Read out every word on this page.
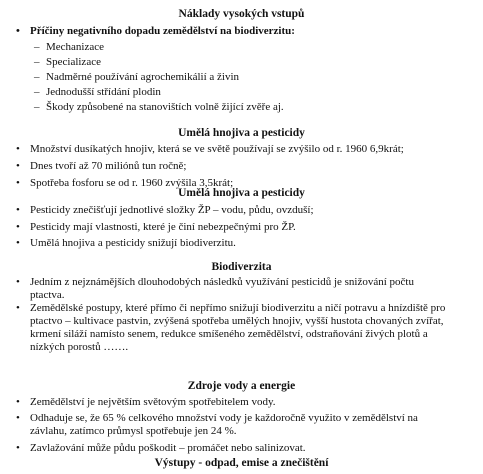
Náklady vysokých vstupů
• Příčiny negativního dopadu zemědělství na biodiverzitu:
– Mechanizace
– Specializace
– Nadměrné používání agrochemikálií a živin
– Jednodušší střídání plodin
– Škody způsobené na stanovištích volně žijící zvěře aj.
Umělá hnojiva a pesticidy
• Množství dusíkatých hnojiv, která se ve světě používají se zvýšilo od r. 1960 6,9krát;
• Dnes tvoří až 70 miliónů tun ročně;
• Spotřeba fosforu se od r. 1960 zvýšila 3,5krát;
Umělá hnojiva a pesticidy
• Pesticidy znečišťují jednotlivé složky ŽP – vodu, půdu, ovzduší;
• Pesticidy mají vlastnosti, které je činí nebezpečnými pro ŽP.
• Umělá hnojiva a pesticidy snižují biodiverzitu.
Biodiverzita
• Jedním z nejznámějších dlouhodobých následků využívání pesticidů je snižování počtu ptactva.
• Zemědělské postupy, které přímo či nepřímo snižují biodiverzitu a ničí potravu a hnízdiště pro ptactvo – kultivace pastvin, zvýšená spotřeba umělých hnojiv, vyšší hustota chovaných zvířat, krmení siláží namísto senem, redukce smíšeného zemědělství, odstraňování živých plotů a nízkých porostů …….
Zdroje vody a energie
• Zemědělství je největším světovým spotřebitelem vody.
• Odhaduje se, že 65 % celkového množství vody je každoročně využito v zemědělství na závlahu, zatímco průmysl spotřebuje jen 24 %.
• Zavlažování může půdu poškodit – promáčet nebo salinizovat.
Výstupy - odpad, emise a znečištění
